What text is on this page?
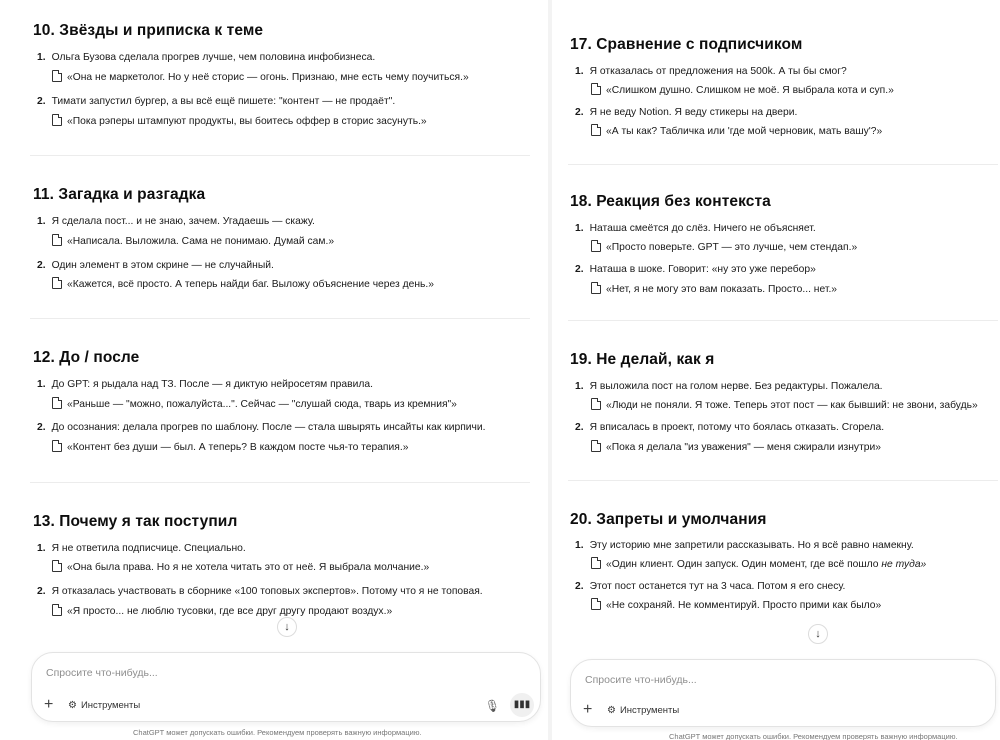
10. Звёзды и приписка к теме
1. Ольга Бузова сделала прогрев лучше, чем половина инфобизнеса.
«Она не маркетолог. Но у неё сторис — огонь. Признаю, мне есть чему поучиться.»
2. Тимати запустил бургер, а вы всё ещё пишете: "контент — не продаёт".
«Пока рэперы штампуют продукты, вы боитесь оффер в сторис засунуть.»
11. Загадка и разгадка
1. Я сделала пост... и не знаю, зачем. Угадаешь — скажу.
«Написала. Выложила. Сама не понимаю. Думай сам.»
2. Один элемент в этом скрине — не случайный.
«Кажется, всё просто. А теперь найди баг. Выложу объяснение через день.»
12. До / после
1. До GPT: я рыдала над ТЗ. После — я диктую нейросетям правила.
«Раньше — "можно, пожалуйста...". Сейчас — "слушай сюда, тварь из кремния"»
2. До осознания: делала прогрев по шаблону. После — стала швырять инсайты как кирпичи.
«Контент без души — был. А теперь? В каждом посте чья-то терапия.»
13. Почему я так поступил
1. Я не ответила подписчице. Специально.
«Она была права. Но я не хотела читать это от неё. Я выбрала молчание.»
2. Я отказалась участвовать в сборнике «100 топовых экспертов». Потому что я не топовая.
«Я просто... не люблю тусовки, где все друг другу продают воздух.»
↓
Спросите что-нибудь...
+ ⚙ Инструменты	🎙	▮▮▮
ChatGPT может допускать ошибки. Рекомендуем проверять важную информацию.
17. Сравнение с подписчиком
1. Я отказалась от предложения на 500k. А ты бы смог?
«Слишком душно. Слишком не моё. Я выбрала кота и суп.»
2. Я не веду Notion. Я веду стикеры на двери.
«А ты как? Табличка или 'где мой черновик, мать вашу'?»
18. Реакция без контекста
1. Наташа смеётся до слёз. Ничего не объясняет.
«Просто поверьте. GPT — это лучше, чем стендап.»
2. Наташа в шоке. Говорит: «ну это уже перебор»
«Нет, я не могу это вам показать. Просто... нет.»
19. Не делай, как я
1. Я выложила пост на голом нерве. Без редактуры. Пожалела.
«Люди не поняли. Я тоже. Теперь этот пост — как бывший: не звони, забудь»
2. Я вписалась в проект, потому что боялась отказать. Сгорела.
«Пока я делала "из уважения" — меня сжирали изнутри»
20. Запреты и умолчания
1. Эту историю мне запретили рассказывать. Но я всё равно намекну.
«Один клиент. Один запуск. Один момент, где всё пошло не туда»
2. Этот пост останется тут на 3 часа. Потом я его снесу.
«Не сохраняй. Не комментируй. Просто прими как было»
↓
Спросите что-нибудь...
+ ⚙ Инструменты
ChatGPT может допускать ошибки. Рекомендуем проверять важную информацию.
